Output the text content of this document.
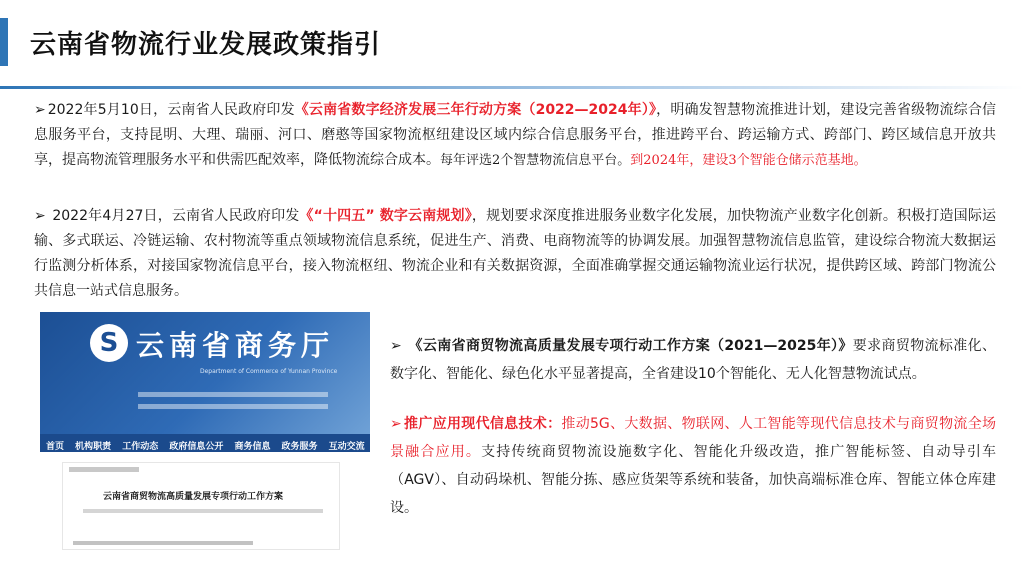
云南省物流行业发展政策指引
➢ 2022年5月10日，云南省人民政府印发《云南省数字经济发展三年行动方案（2022—2024年）》，明确发智慧物流推进计划，建设完善省级物流综合信息服务平台，支持昆明、大理、瑞丽、河口、磨憨等国家物流枢纽建设区域内综合信息服务平台，推进跨平台、跨运输方式、跨部门、跨区域信息开放共享，提高物流管理服务水平和供需匹配效率，降低物流综合成本。每年评选2个智慧物流信息平台。到2024年，建设3个智能仓储示范基地。
➢ 2022年4月27日，云南省人民政府印发《“十四五” 数字云南规划》，规划要求深度推进服务业数字化发展，加快物流产业数字化创新。积极打造国际运输、多式联运、冷链运输、农村物流等重点领域物流信息系统，促进生产、消费、电商物流等的协调发展。加强智慧物流信息监管，建设综合物流大数据运行监测分析体系，对接国家物流信息平台，接入物流枢纽、物流企业和有关数据资源，全面准确掌握交通运输物流业运行状况，提供跨区域、跨部门物流公共信息一站式信息服务。
S 云南省商务厅
Department of Commerce of Yunnan Province
首页 机构职责 工作动态 政府信息公开 商务信息 政务服务 互动交流
云南省商贸物流高质量发展专项行动工作方案
➢ 《云南省商贸物流高质量发展专项行动工作方案（2021—2025年）》要求商贸物流标准化、数字化、智能化、绿色化水平显著提高，全省建设10个智能化、无人化智慧物流试点。
➢ 推广应用现代信息技术：推动5G、大数据、物联网、人工智能等现代信息技术与商贸物流全场景融合应用。支持传统商贸物流设施数字化、智能化升级改造，推广智能标签、自动导引车（AGV）、自动码垛机、智能分拣、感应货架等系统和装备，加快高端标准仓库、智能立体仓库建设。
